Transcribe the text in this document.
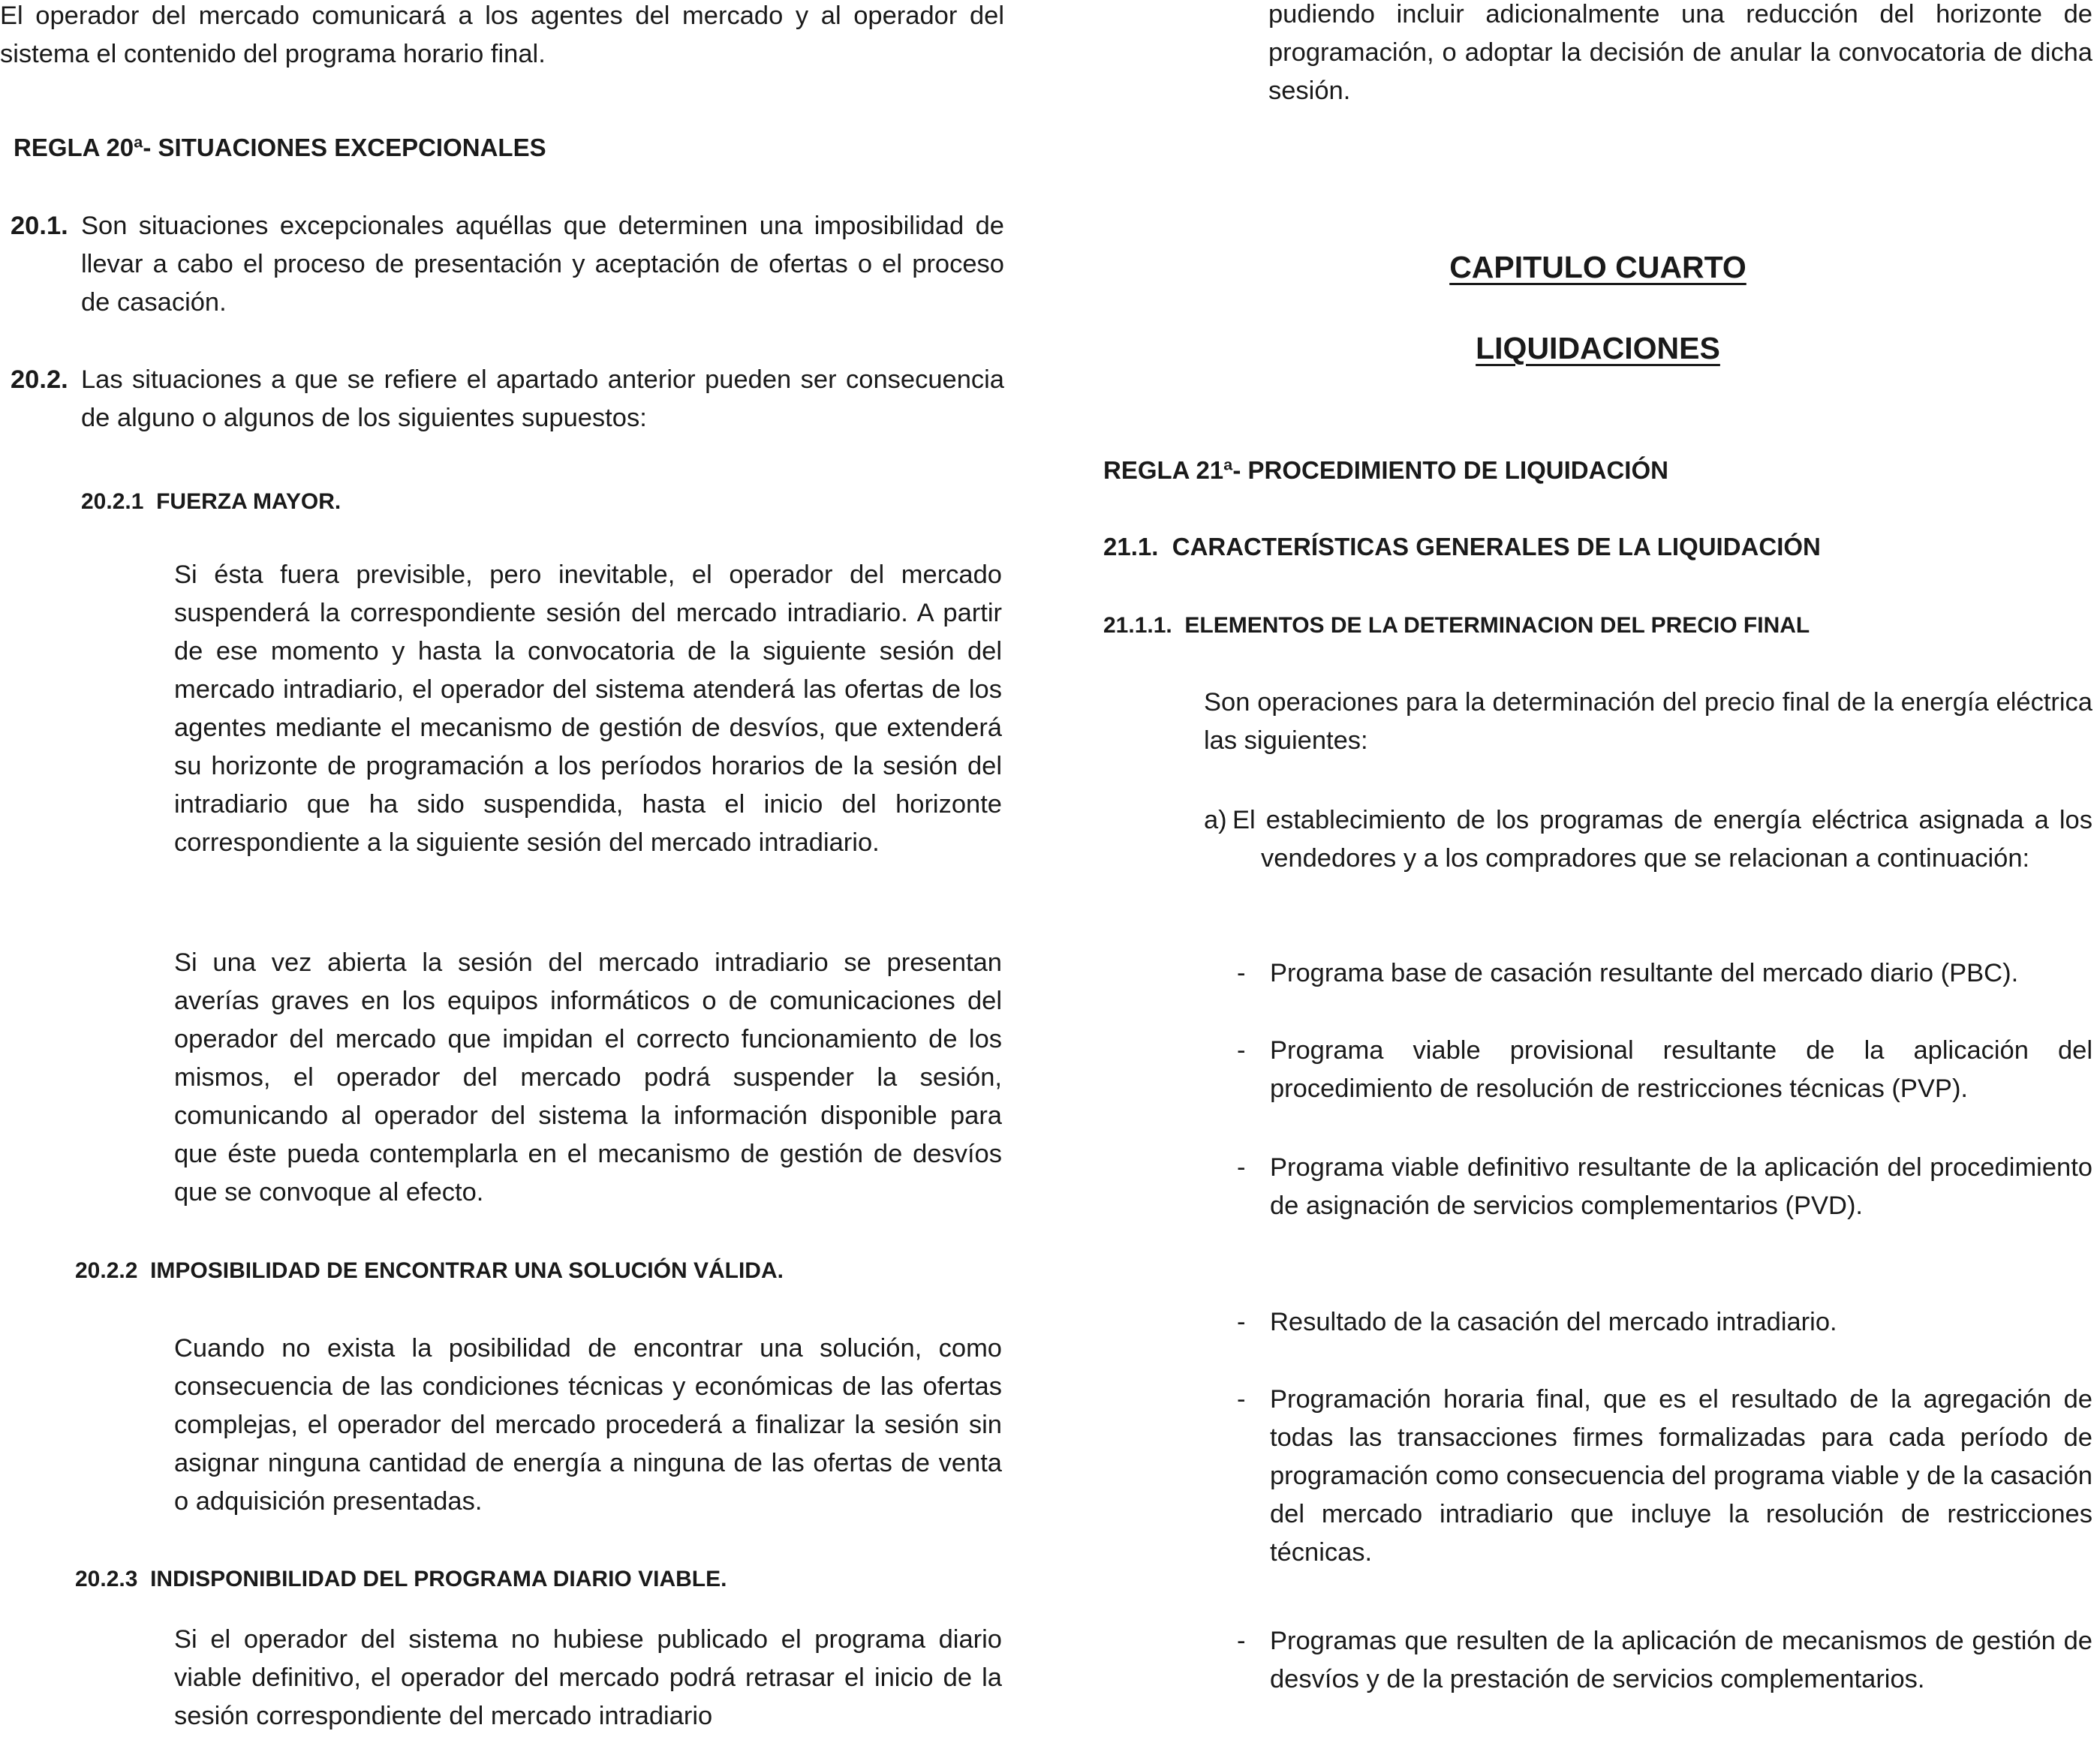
El operador del mercado comunicará a los agentes del mercado y al operador del sistema el contenido del programa horario final.

REGLA 20ª- SITUACIONES EXCEPCIONALES
20.1. Son situaciones excepcionales aquéllas que determinen una imposibilidad de llevar a cabo el proceso de presentación y aceptación de ofertas o el proceso de casación.
20.2. Las situaciones a que se refiere el apartado anterior pueden ser consecuencia de alguno o algunos de los siguientes supuestos:
20.2.1  FUERZA MAYOR.

Si ésta fuera previsible, pero inevitable, el operador del mercado suspenderá la correspondiente sesión del mercado intradiario. A partir de ese momento y hasta la convocatoria de la siguiente sesión del mercado intradiario, el operador del sistema atenderá las ofertas de los agentes mediante el mecanismo de gestión de desvíos, que extenderá su horizonte de programación a los períodos horarios de la sesión del intradiario que ha sido suspendida, hasta el inicio del horizonte correspondiente a la siguiente sesión del mercado intradiario.

Si una vez abierta la sesión del mercado intradiario se presentan averías graves en los equipos informáticos o de comunicaciones del operador del mercado que impidan el correcto funcionamiento de los mismos, el operador del mercado podrá suspender la sesión, comunicando al operador del sistema la información disponible para que éste pueda contemplarla en el mecanismo de gestión de desvíos que se convoque al efecto.

20.2.2  IMPOSIBILIDAD DE ENCONTRAR UNA SOLUCIÓN VÁLIDA.

Cuando no exista la posibilidad de encontrar una solución, como consecuencia de las condiciones técnicas y económicas de las ofertas complejas, el operador del mercado procederá a finalizar la sesión sin asignar ninguna cantidad de energía a ninguna de las ofertas de venta o adquisición presentadas.

20.2.3  INDISPONIBILIDAD DEL PROGRAMA DIARIO VIABLE.

Si el operador del sistema no hubiese publicado el programa diario viable definitivo, el operador del mercado podrá retrasar el inicio de la sesión correspondiente del mercado intradiario

pudiendo incluir adicionalmente una reducción del horizonte de programación, o adoptar la decisión de anular la convocatoria de dicha sesión.

CAPITULO CUARTO
LIQUIDACIONES
REGLA 21ª- PROCEDIMIENTO DE LIQUIDACIÓN
21.1.  CARACTERÍSTICAS GENERALES DE LA LIQUIDACIÓN
21.1.1.  ELEMENTOS DE LA DETERMINACION DEL PRECIO FINAL

Son operaciones para la determinación del precio final de la energía eléctrica las siguientes:

a) El establecimiento de los programas de energía eléctrica asignada a los vendedores y a los compradores que se relacionan a continuación:
- Programa base de casación resultante del mercado diario (PBC).
- Programa viable provisional resultante de la aplicación del procedimiento de resolución de restricciones técnicas (PVP).
- Programa viable definitivo resultante de la aplicación del procedimiento de asignación de servicios complementarios (PVD).
- Resultado de la casación del mercado intradiario.
- Programación horaria final, que es el resultado de la agregación de todas las transacciones firmes formalizadas para cada período de programación como consecuencia del programa viable y de la casación del mercado intradiario que incluye la resolución de restricciones técnicas.
- Programas que resulten de la aplicación de mecanismos de gestión de desvíos y de la prestación de servicios complementarios.
